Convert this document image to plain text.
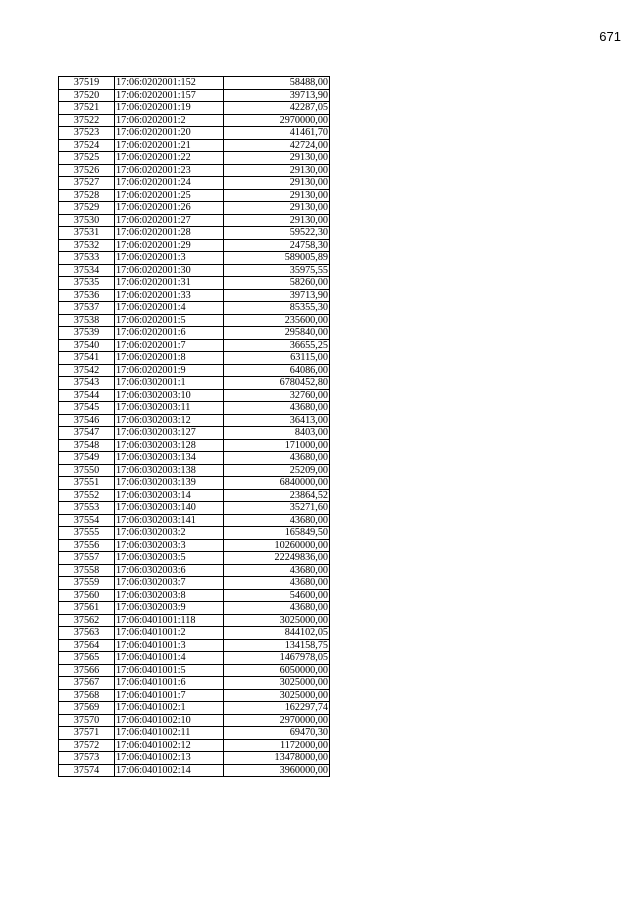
671
37519	17:06:0202001:152	58488,00
37520	17:06:0202001:157	39713,90
37521	17:06:0202001:19	42287,05
37522	17:06:0202001:2	2970000,00
37523	17:06:0202001:20	41461,70
37524	17:06:0202001:21	42724,00
37525	17:06:0202001:22	29130,00
37526	17:06:0202001:23	29130,00
37527	17:06:0202001:24	29130,00
37528	17:06:0202001:25	29130,00
37529	17:06:0202001:26	29130,00
37530	17:06:0202001:27	29130,00
37531	17:06:0202001:28	59522,30
37532	17:06:0202001:29	24758,30
37533	17:06:0202001:3	589005,89
37534	17:06:0202001:30	35975,55
37535	17:06:0202001:31	58260,00
37536	17:06:0202001:33	39713,90
37537	17:06:0202001:4	85355,30
37538	17:06:0202001:5	235600,00
37539	17:06:0202001:6	295840,00
37540	17:06:0202001:7	36655,25
37541	17:06:0202001:8	63115,00
37542	17:06:0202001:9	64086,00
37543	17:06:0302001:1	6780452,80
37544	17:06:0302003:10	32760,00
37545	17:06:0302003:11	43680,00
37546	17:06:0302003:12	36413,00
37547	17:06:0302003:127	8403,00
37548	17:06:0302003:128	171000,00
37549	17:06:0302003:134	43680,00
37550	17:06:0302003:138	25209,00
37551	17:06:0302003:139	6840000,00
37552	17:06:0302003:14	23864,52
37553	17:06:0302003:140	35271,60
37554	17:06:0302003:141	43680,00
37555	17:06:0302003:2	165849,50
37556	17:06:0302003:3	10260000,00
37557	17:06:0302003:5	22249836,00
37558	17:06:0302003:6	43680,00
37559	17:06:0302003:7	43680,00
37560	17:06:0302003:8	54600,00
37561	17:06:0302003:9	43680,00
37562	17:06:0401001:118	3025000,00
37563	17:06:0401001:2	844102,05
37564	17:06:0401001:3	134158,75
37565	17:06:0401001:4	1467978,05
37566	17:06:0401001:5	6050000,00
37567	17:06:0401001:6	3025000,00
37568	17:06:0401001:7	3025000,00
37569	17:06:0401002:1	162297,74
37570	17:06:0401002:10	2970000,00
37571	17:06:0401002:11	69470,30
37572	17:06:0401002:12	1172000,00
37573	17:06:0401002:13	13478000,00
37574	17:06:0401002:14	3960000,00
